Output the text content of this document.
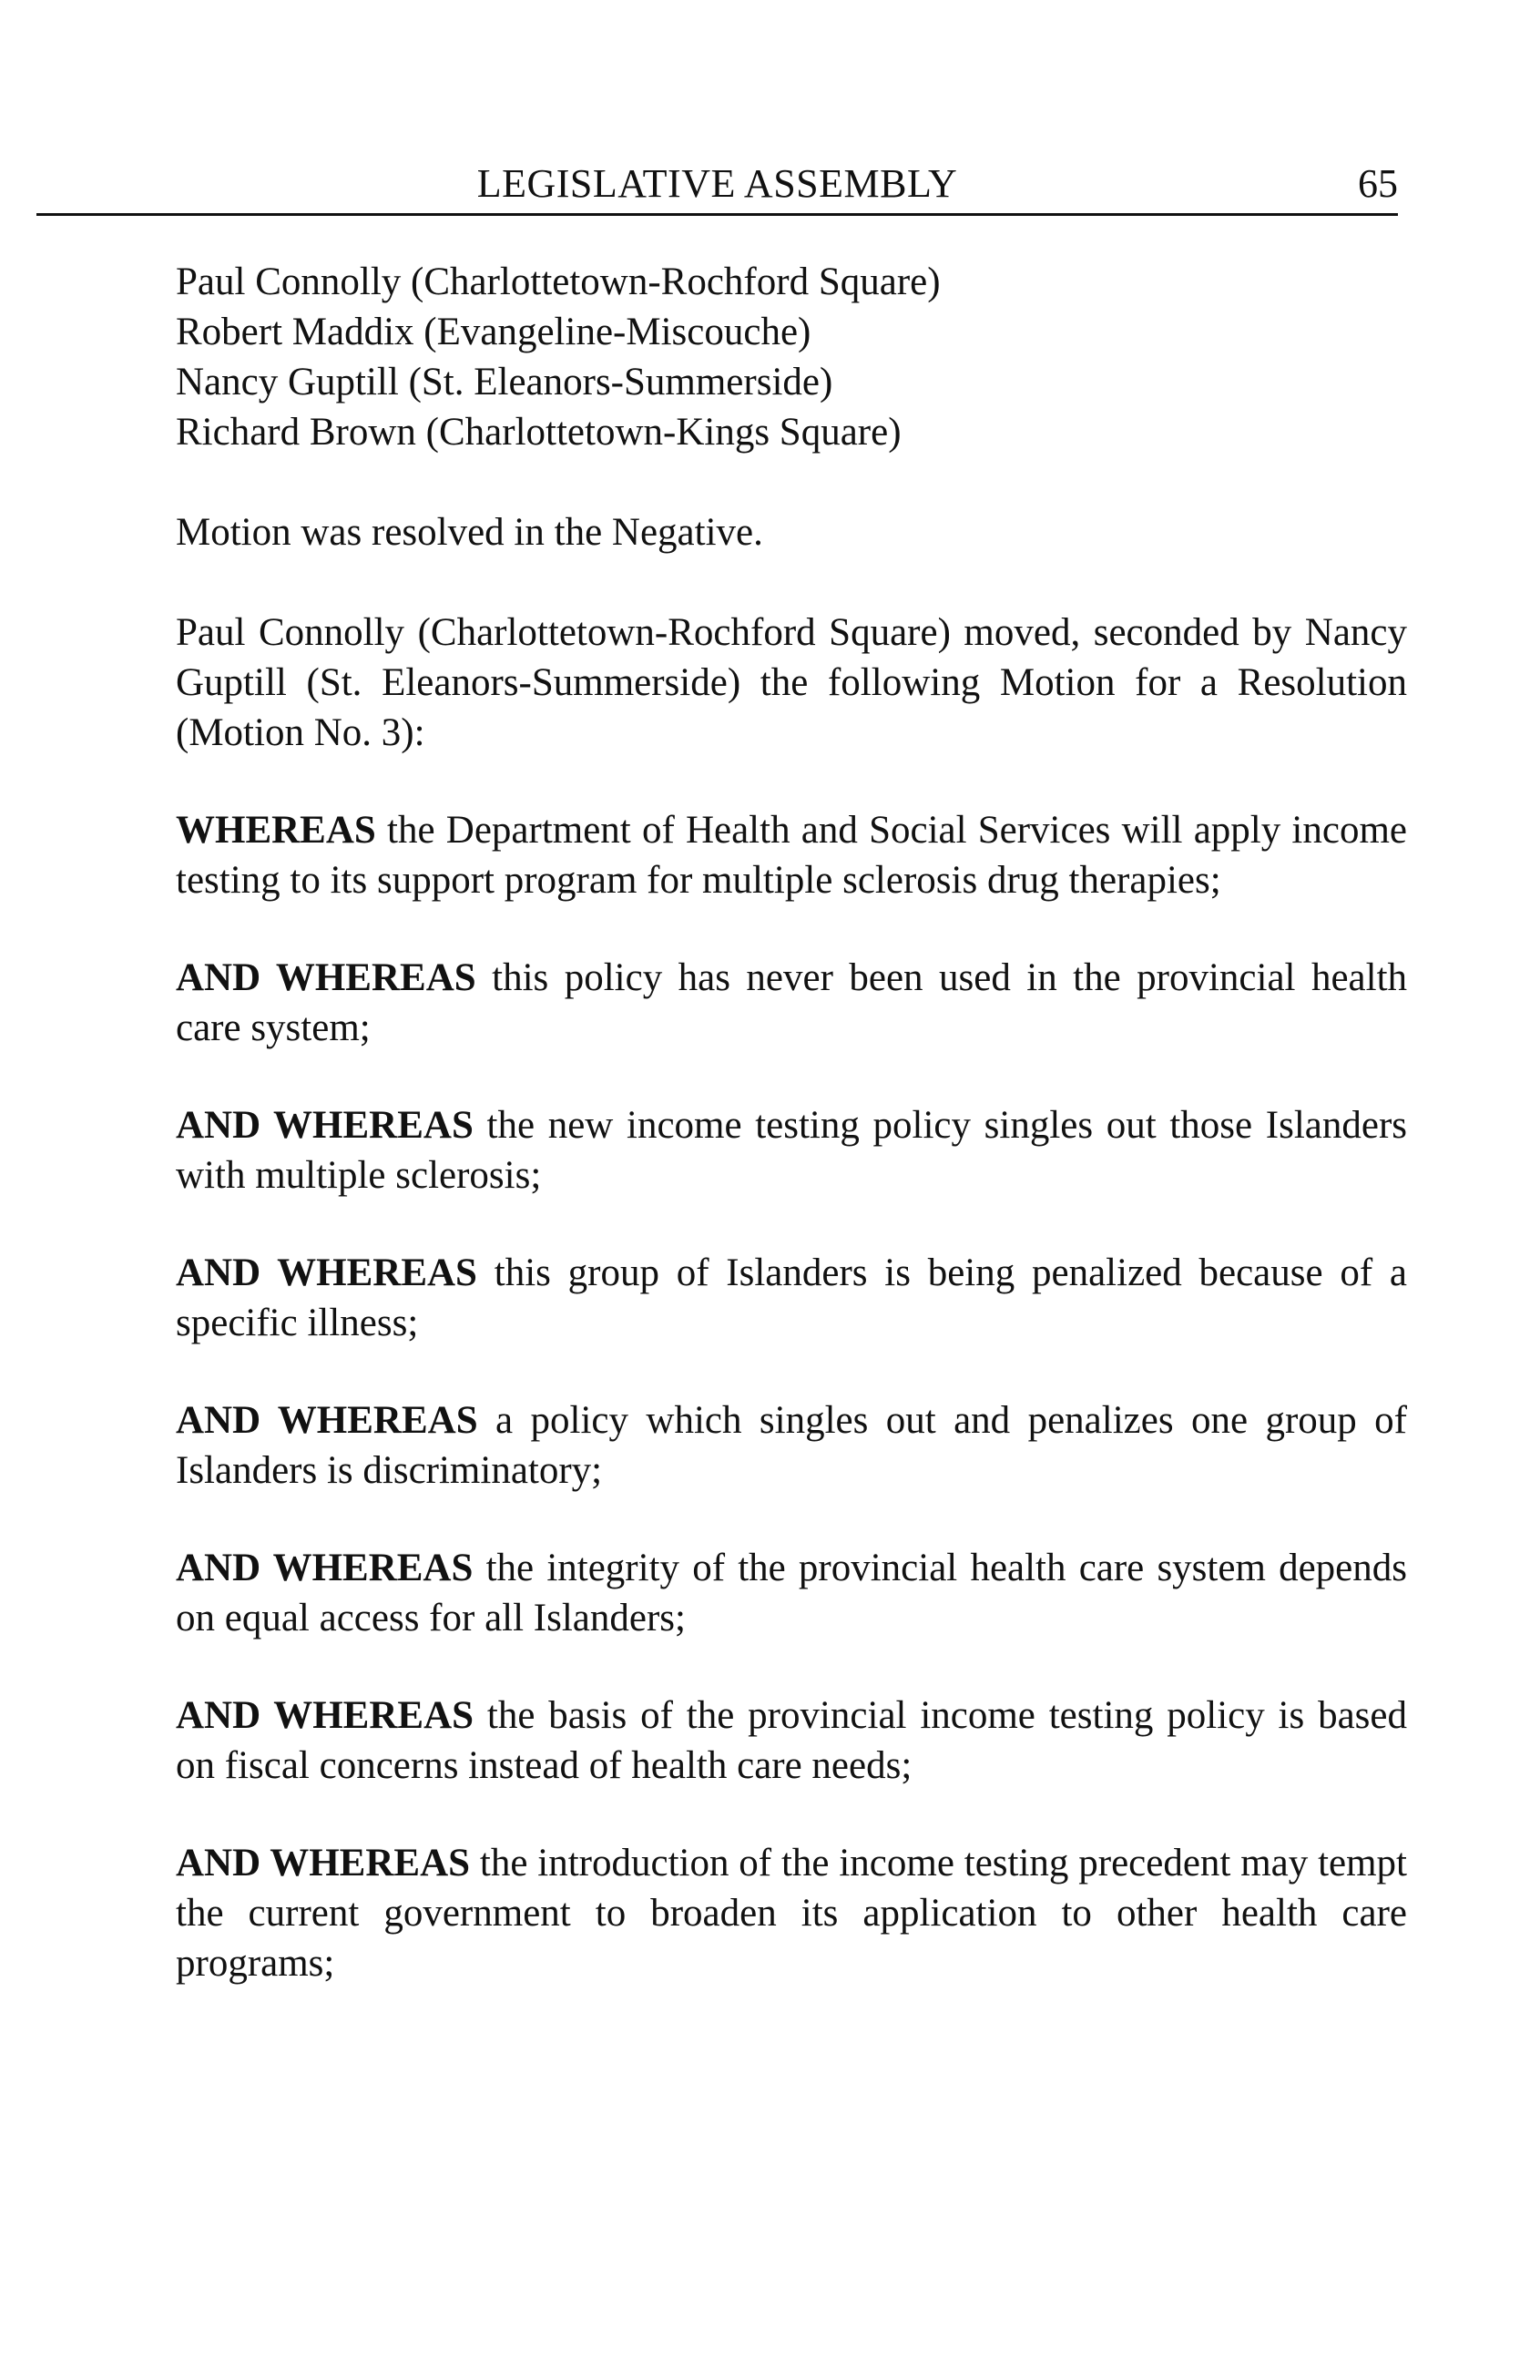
LEGISLATIVE ASSEMBLY	65
Paul Connolly (Charlottetown-Rochford Square)
Robert Maddix (Evangeline-Miscouche)
Nancy Guptill (St. Eleanors-Summerside)
Richard Brown (Charlottetown-Kings Square)

Motion was resolved in the Negative.

Paul Connolly (Charlottetown-Rochford Square) moved, seconded by Nancy Guptill (St. Eleanors-Summerside) the following Motion for a Resolution (Motion No. 3):

WHEREAS the Department of Health and Social Services will apply income testing to its support program for multiple sclerosis drug therapies;

AND WHEREAS this policy has never been used in the provincial health care system;

AND WHEREAS the new income testing policy singles out those Islanders with multiple sclerosis;

AND WHEREAS this group of Islanders is being penalized because of a specific illness;

AND WHEREAS a policy which singles out and penalizes one group of Islanders is discriminatory;

AND WHEREAS the integrity of the provincial health care system depends on equal access for all Islanders;

AND WHEREAS the basis of the provincial income testing policy is based on fiscal concerns instead of health care needs;

AND WHEREAS the introduction of the income testing precedent may tempt the current government to broaden its application to other health care programs;
